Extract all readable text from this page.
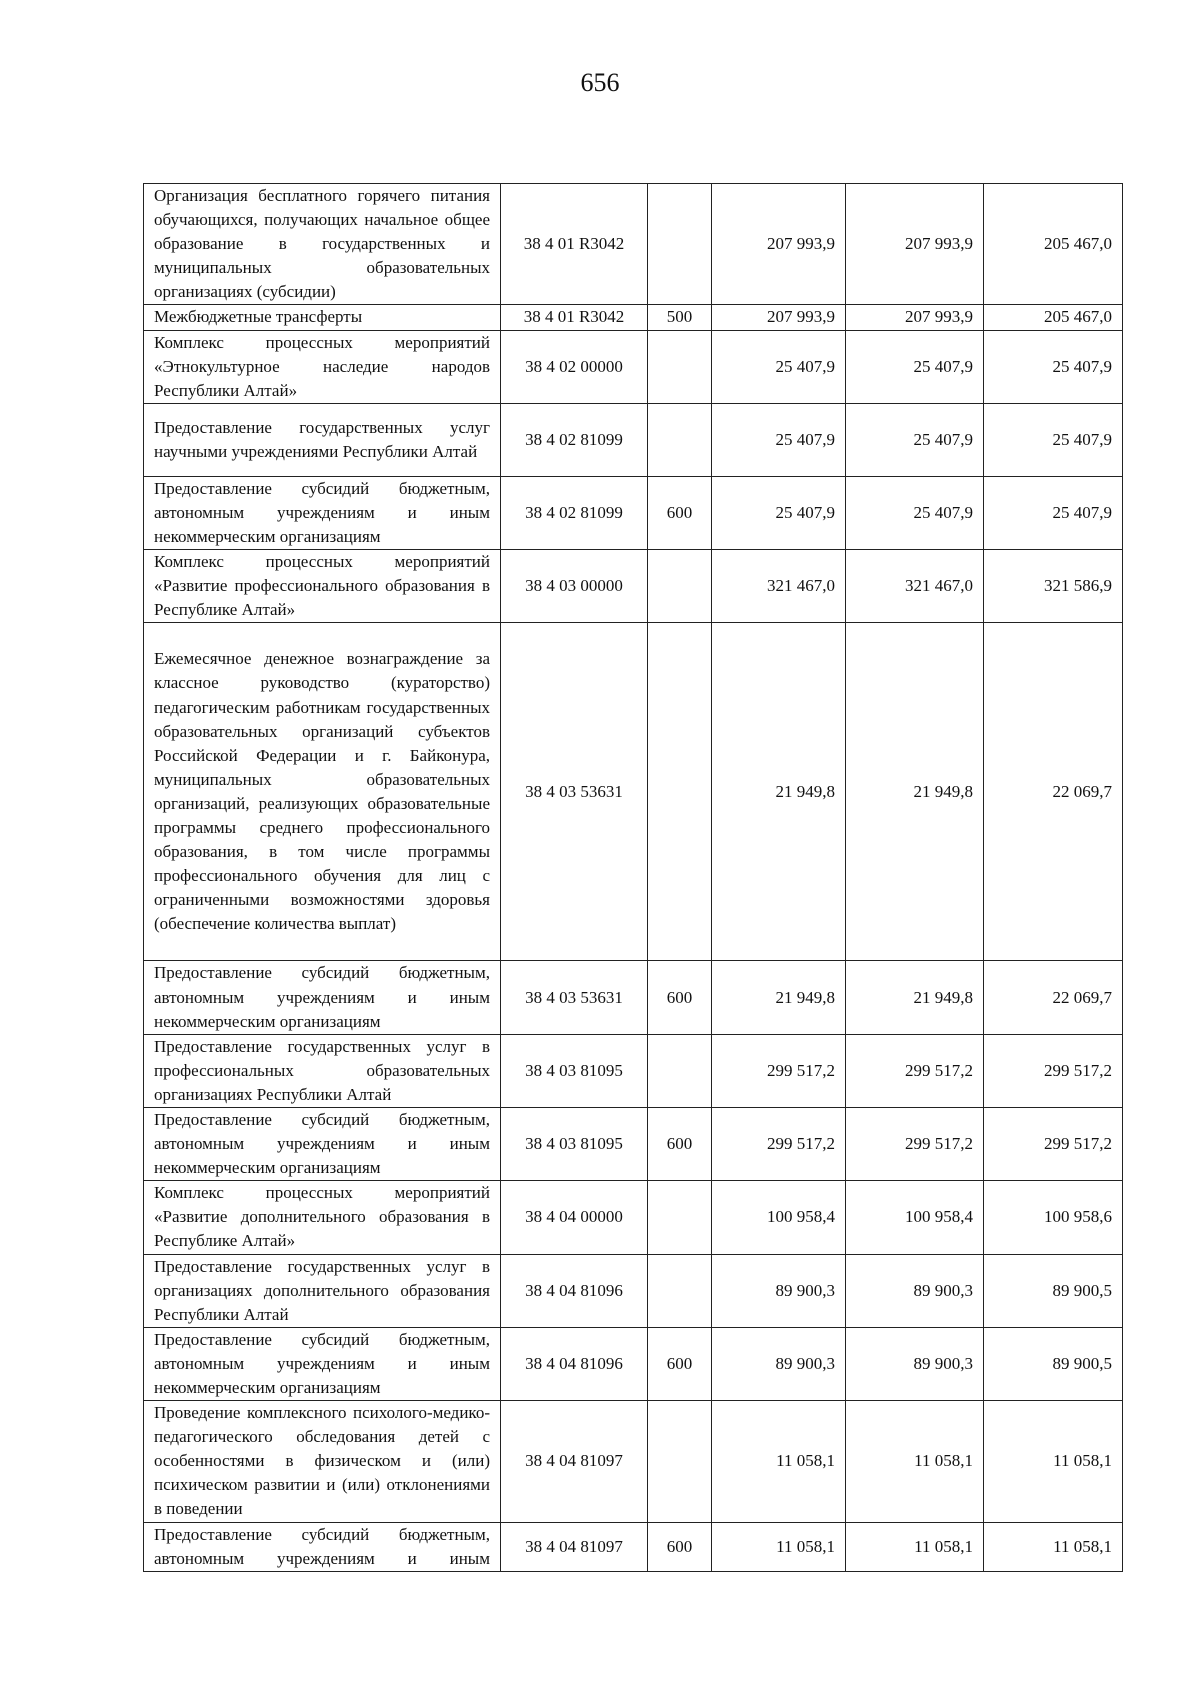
656
Организация бесплатного горячего питания обучающихся, получающих начальное общее образование в государственных и муниципальных образовательных организациях (субсидии)	38 4 01 R3042		207 993,9	207 993,9	205 467,0
Межбюджетные трансферты	38 4 01 R3042	500	207 993,9	207 993,9	205 467,0
Комплекс процессных мероприятий «Этнокультурное наследие народов Республики Алтай»	38 4 02 00000		25 407,9	25 407,9	25 407,9
Предоставление государственных услуг научными учреждениями Республики Алтай	38 4 02 81099		25 407,9	25 407,9	25 407,9
Предоставление субсидий бюджетным, автономным учреждениям и иным некоммерческим организациям	38 4 02 81099	600	25 407,9	25 407,9	25 407,9
Комплекс процессных мероприятий «Развитие профессионального образования в Республике Алтай»	38 4 03 00000		321 467,0	321 467,0	321 586,9
Ежемесячное денежное вознаграждение за классное руководство (кураторство) педагогическим работникам государственных образовательных организаций субъектов Российской Федерации и г. Байконура, муниципальных образовательных организаций, реализующих образовательные программы среднего профессионального образования, в том числе программы профессионального обучения для лиц с ограниченными возможностями здоровья (обеспечение количества выплат)	38 4 03 53631		21 949,8	21 949,8	22 069,7
Предоставление субсидий бюджетным, автономным учреждениям и иным некоммерческим организациям	38 4 03 53631	600	21 949,8	21 949,8	22 069,7
Предоставление государственных услуг в профессиональных образовательных организациях Республики Алтай	38 4 03 81095		299 517,2	299 517,2	299 517,2
Предоставление субсидий бюджетным, автономным учреждениям и иным некоммерческим организациям	38 4 03 81095	600	299 517,2	299 517,2	299 517,2
Комплекс процессных мероприятий «Развитие дополнительного образования в Республике Алтай»	38 4 04 00000		100 958,4	100 958,4	100 958,6
Предоставление государственных услуг в организациях дополнительного образования Республики Алтай	38 4 04 81096		89 900,3	89 900,3	89 900,5
Предоставление субсидий бюджетным, автономным учреждениям и иным некоммерческим организациям	38 4 04 81096	600	89 900,3	89 900,3	89 900,5
Проведение комплексного психолого-медико-педагогического обследования детей с особенностями в физическом и (или) психическом развитии и (или) отклонениями в поведении	38 4 04 81097		11 058,1	11 058,1	11 058,1
Предоставление субсидий бюджетным, автономным учреждениям и иным	38 4 04 81097	600	11 058,1	11 058,1	11 058,1
